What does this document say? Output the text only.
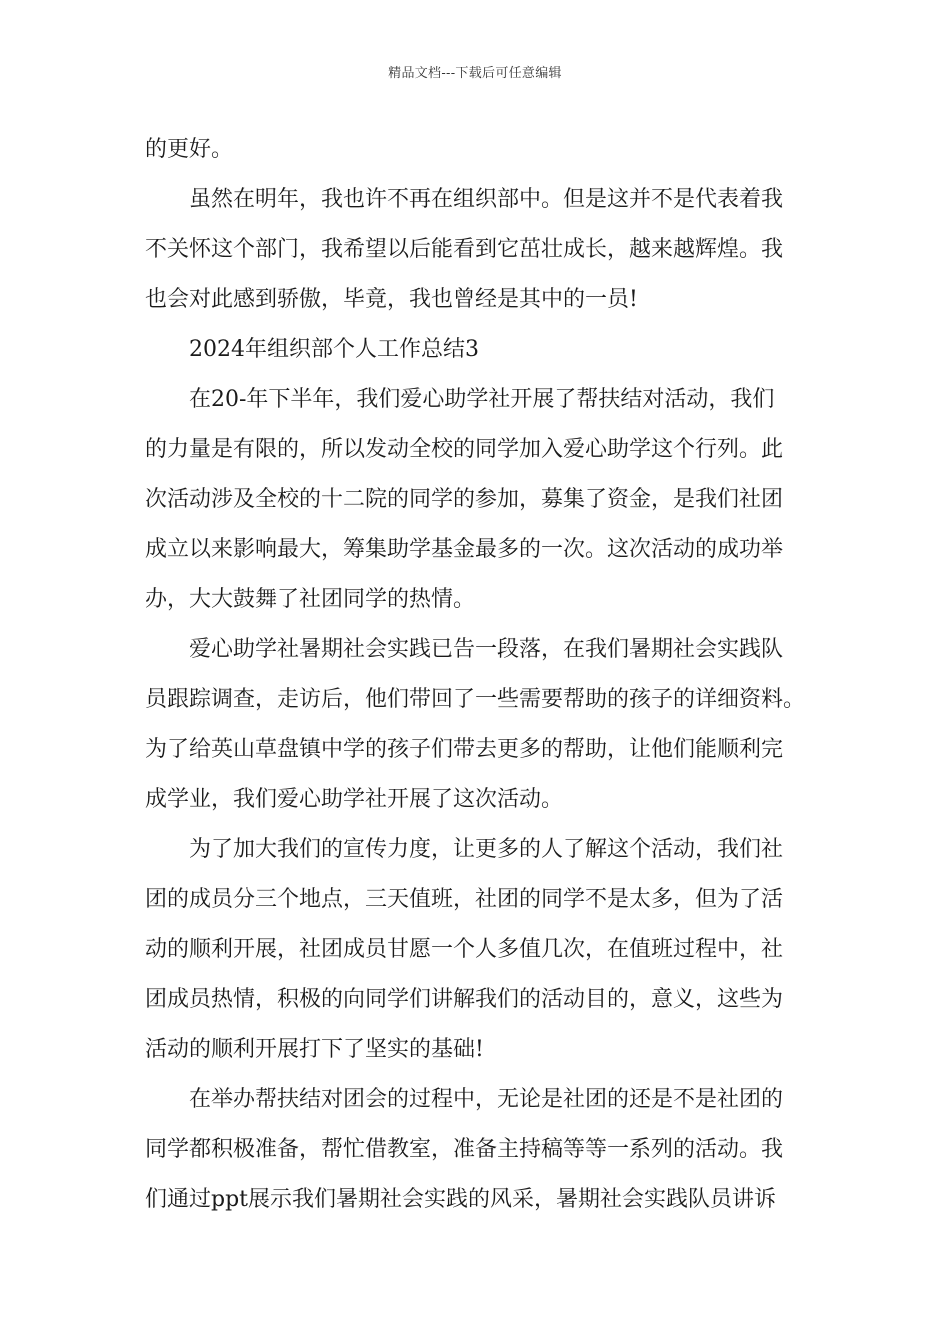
精品文档---下载后可任意编辑
的更好。
虽然在明年，我也许不再在组织部中。但是这并不是代表着我
不关怀这个部门，我希望以后能看到它茁壮成长，越来越辉煌。我
也会对此感到骄傲，毕竟，我也曾经是其中的一员!
2024年组织部个人工作总结3
在20-年下半年，我们爱心助学社开展了帮扶结对活动，我们
的力量是有限的，所以发动全校的同学加入爱心助学这个行列。此
次活动涉及全校的十二院的同学的参加，募集了资金，是我们社团
成立以来影响最大，筹集助学基金最多的一次。这次活动的成功举
办，大大鼓舞了社团同学的热情。
爱心助学社暑期社会实践已告一段落，在我们暑期社会实践队
员跟踪调查，走访后，他们带回了一些需要帮助的孩子的详细资料。
为了给英山草盘镇中学的孩子们带去更多的帮助，让他们能顺利完
成学业，我们爱心助学社开展了这次活动。
为了加大我们的宣传力度，让更多的人了解这个活动，我们社
团的成员分三个地点，三天值班，社团的同学不是太多，但为了活
动的顺利开展，社团成员甘愿一个人多值几次，在值班过程中，社
团成员热情，积极的向同学们讲解我们的活动目的，意义，这些为
活动的顺利开展打下了坚实的基础!
在举办帮扶结对团会的过程中，无论是社团的还是不是社团的
同学都积极准备，帮忙借教室，准备主持稿等等一系列的活动。我
们通过ppt展示我们暑期社会实践的风采，暑期社会实践队员讲诉
